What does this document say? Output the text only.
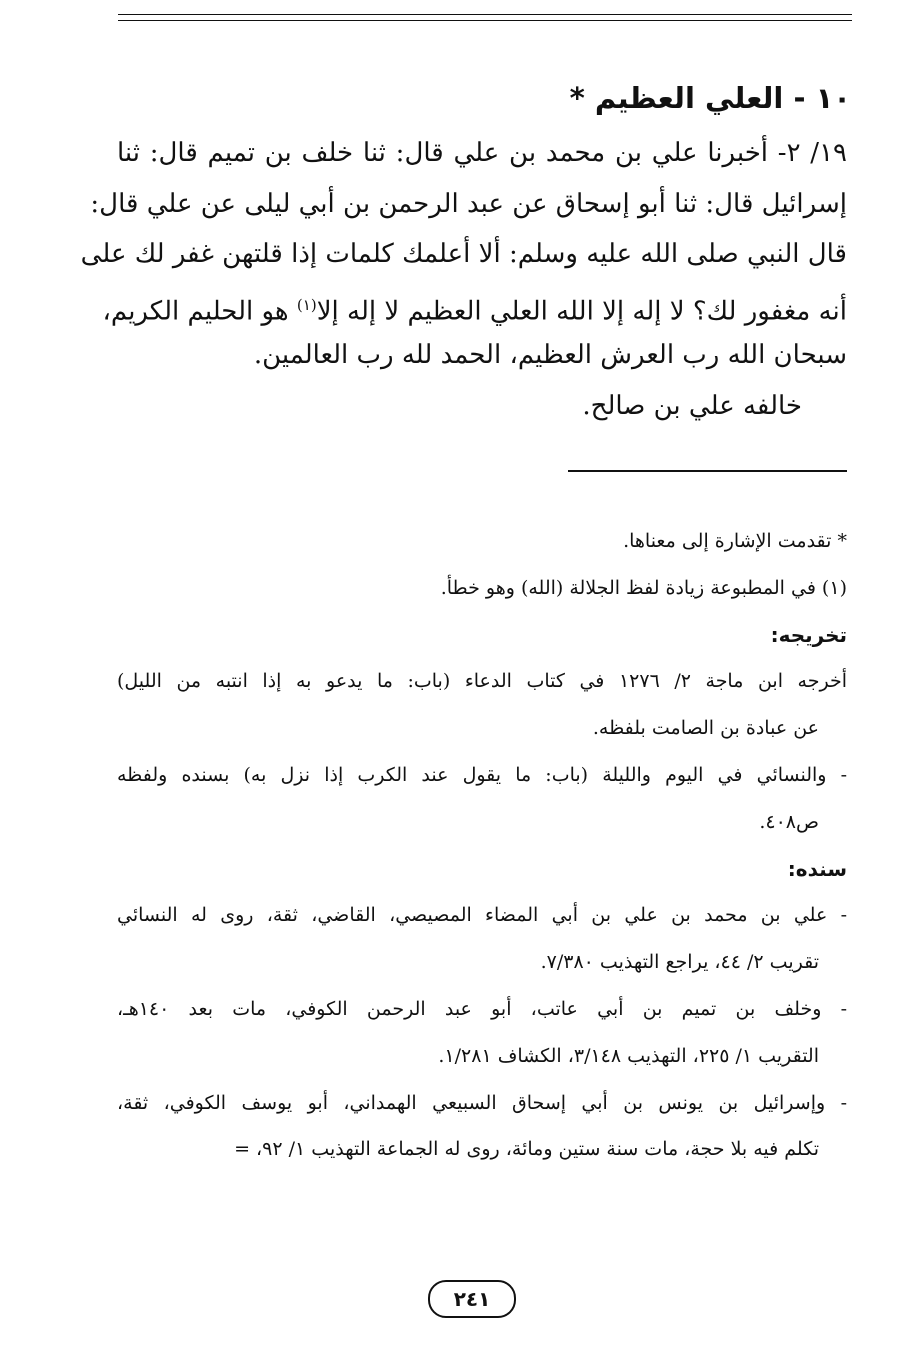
١٠ - العلي العظيم *
١٩/ ٢- أخبرنا علي بن محمد بن علي قال: ثنا خلف بن تميم قال: ثنا
إسرائيل قال: ثنا أبو إسحاق عن عبد الرحمن بن أبي ليلى عن علي قال:
قال النبي صلى الله عليه وسلم: ألا أعلمك كلمات إذا قلتهن غفر لك على
أنه مغفور لك؟ لا إله إلا الله العلي العظيم لا إله إلا$^{(١)}$ هو الحليم الكريم،
سبحان الله رب العرش العظيم، الحمد لله رب العالمين.
خالفه علي بن صالح.
* تقدمت الإشارة إلى معناها.
(١) في المطبوعة زيادة لفظ الجلالة (الله) وهو خطأ.
تخريجه:
أخرجه ابن ماجة ٢/ ١٢٧٦ في كتاب الدعاء (باب: ما يدعو به إذا انتبه من الليل)
عن عبادة بن الصامت بلفظه.
- والنسائي في اليوم والليلة (باب: ما يقول عند الكرب إذا نزل به) بسنده ولفظه
ص٤٠٨.
سنده:
- علي بن محمد بن علي بن أبي المضاء المصيصي، القاضي، ثقة، روى له النسائي
تقريب ٢/ ٤٤، يراجع التهذيب ٧/٣٨٠.
- وخلف بن تميم بن أبي عاتب، أبو عبد الرحمن الكوفي، مات بعد ١٤٠هـ،
التقريب ١/ ٢٢٥، التهذيب ٣/١٤٨، الكشاف ١/٢٨١.
- وإسرائيل بن يونس بن أبي إسحاق السبيعي الهمداني، أبو يوسف الكوفي، ثقة،
تكلم فيه بلا حجة، مات سنة ستين ومائة، روى له الجماعة التهذيب ١/ ٩٢، =
٢٤١
